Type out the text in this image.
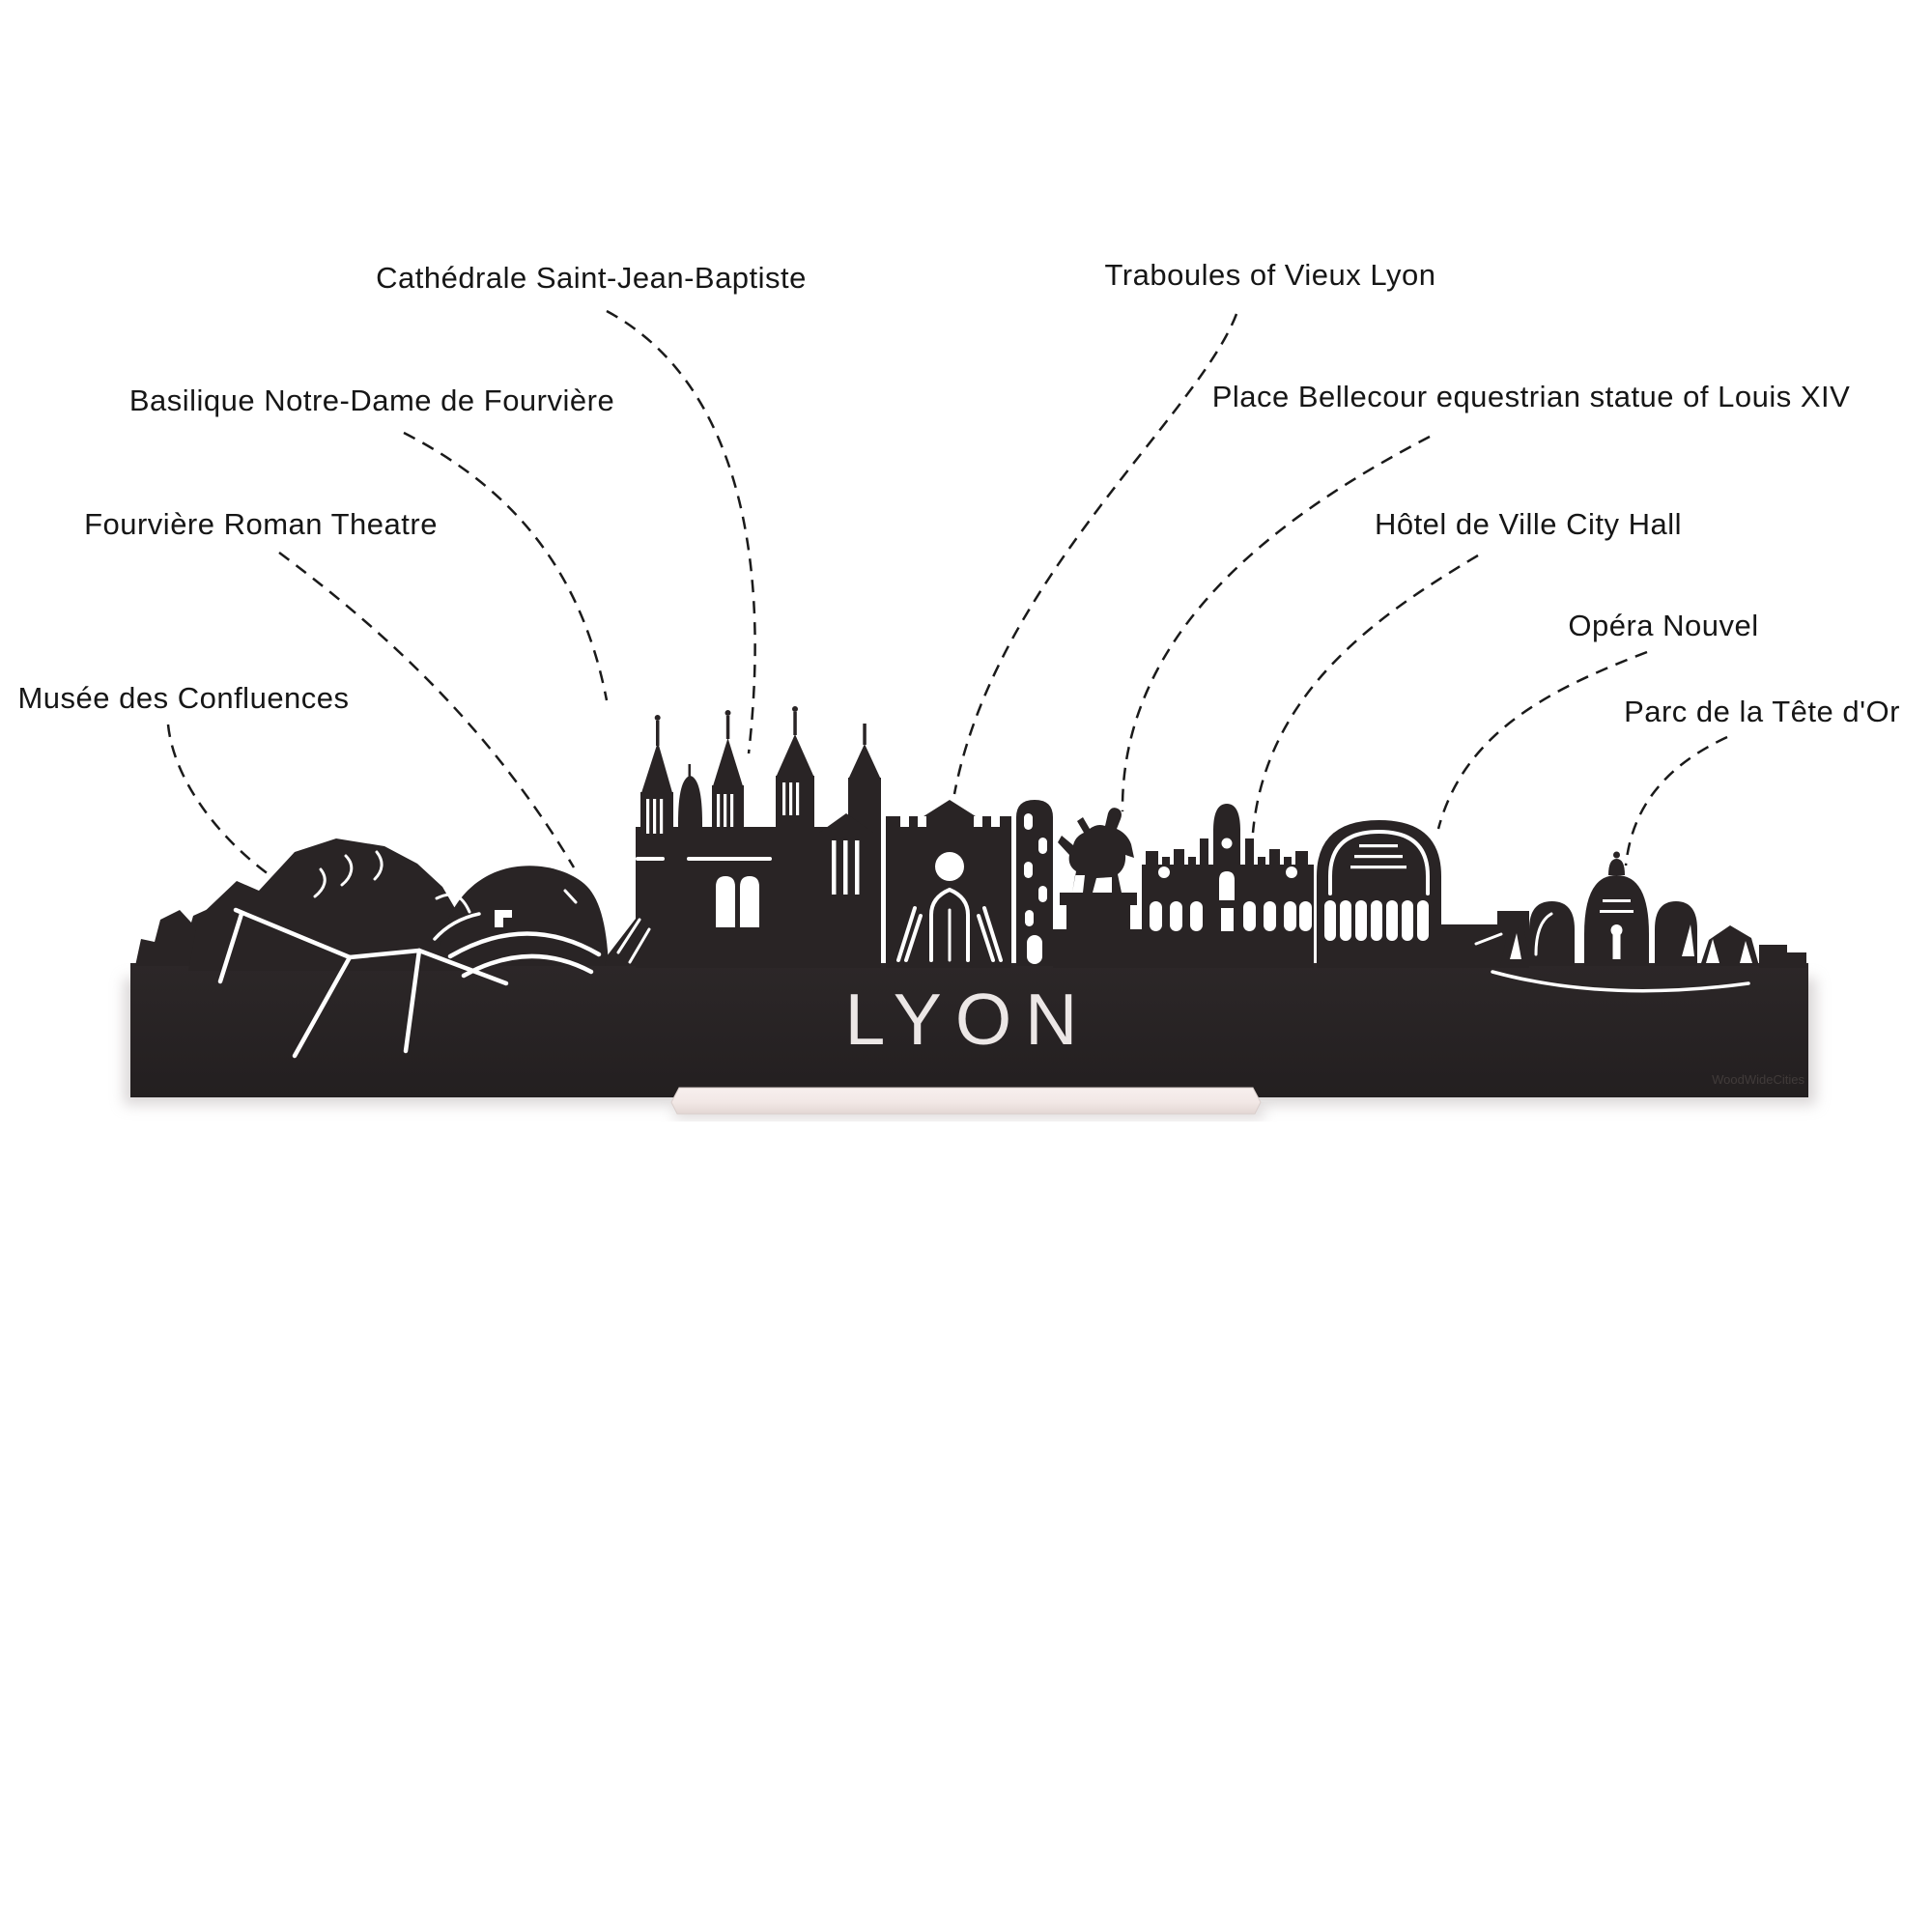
LYON
WoodWideCities
Cathédrale Saint-Jean-Baptiste	Traboules of Vieux Lyon
Basilique Notre-Dame de Fourvière	Place Bellecour equestrian statue of Louis XIV
Fourvière Roman Theatre	Hôtel de Ville City Hall
Opéra Nouvel
Musée des Confluences	Parc de la Tête d'Or
